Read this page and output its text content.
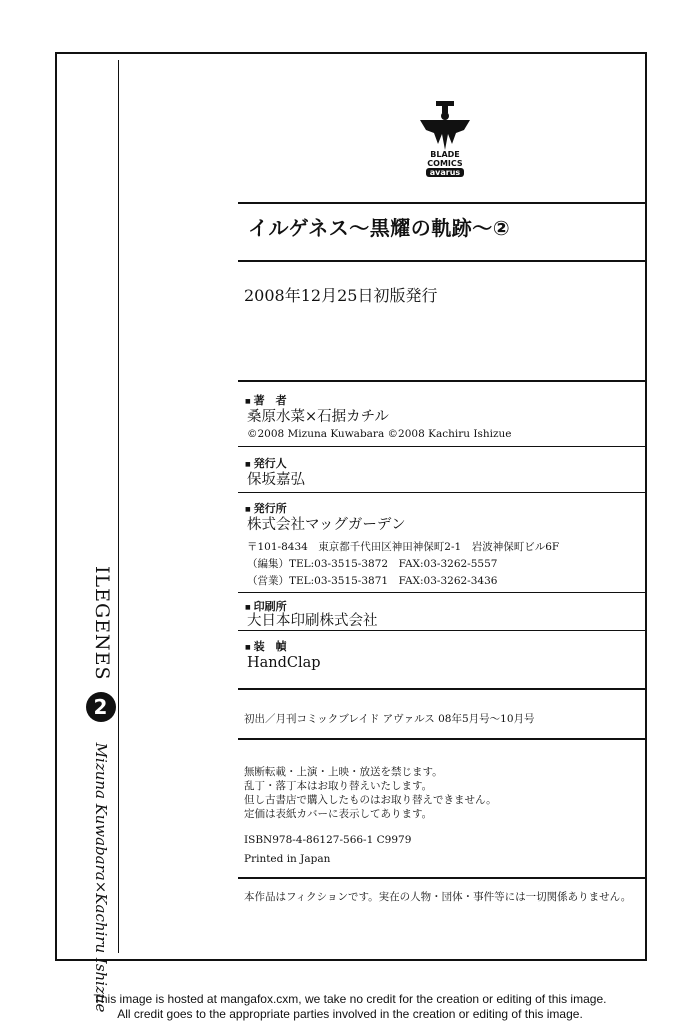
ILEGENES 2 Mizuna Kuwabara×Kachiru Ishizue
BLADE
COMICS
avarus
イルゲネス〜黒耀の軌跡〜②
2008年12月25日初版発行
■ 著　者
桑原水菜×石据カチル
©2008 Mizuna Kuwabara ©2008 Kachiru Ishizue
■ 発行人
保坂嘉弘
■ 発行所
株式会社マッグガーデン
〒101-8434　東京都千代田区神田神保町2-1　岩波神保町ビル6F
（編集）TEL:03-3515-3872　FAX:03-3262-5557
（営業）TEL:03-3515-3871　FAX:03-3262-3436
■ 印刷所
大日本印刷株式会社
■ 装　幀
HandClap
初出／月刊コミックブレイド アヴァルス 08年5月号〜10月号
無断転載・上演・上映・放送を禁じます。
乱丁・落丁本はお取り替えいたします。
但し古書店で購入したものはお取り替えできません。
定価は表紙カバーに表示してあります。
ISBN978-4-86127-566-1 C9979
Printed in Japan
本作品はフィクションです。実在の人物・団体・事件等には一切関係ありません。
This image is hosted at mangafox.cxm, we take no credit for the creation or editing of this image.
All credit goes to the appropriate parties involved in the creation or editing of this image.
